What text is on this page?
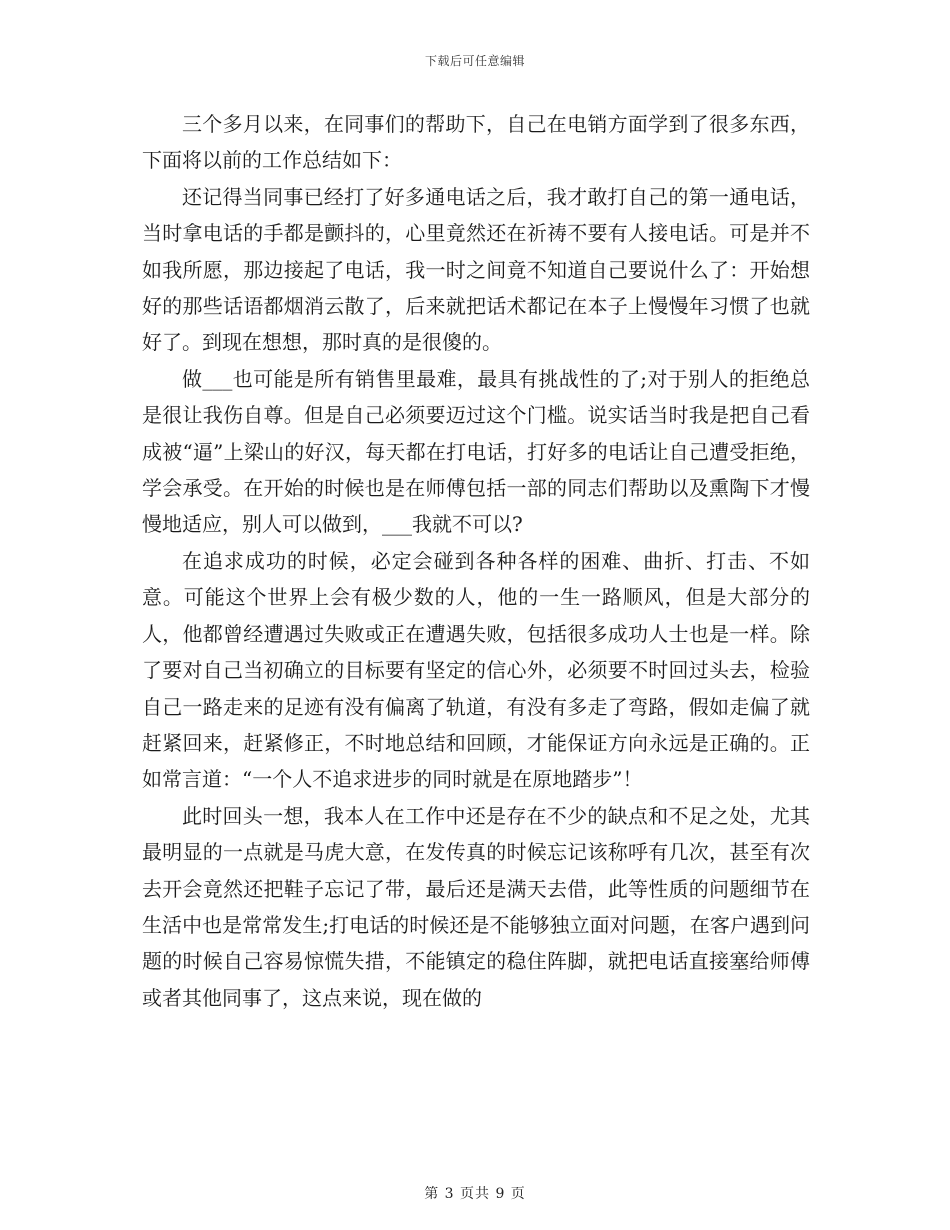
下载后可任意编辑

三个多月以来，在同事们的帮助下，自己在电销方面学到了很多东西，下面将以前的工作总结如下：

还记得当同事已经打了好多通电话之后，我才敢打自己的第一通电话，当时拿电话的手都是颤抖的，心里竟然还在祈祷不要有人接电话。可是并不如我所愿，那边接起了电话，我一时之间竟不知道自己要说什么了：开始想好的那些话语都烟消云散了，后来就把话术都记在本子上慢慢年习惯了也就好了。到现在想想，那时真的是很傻的。

做___也可能是所有销售里最难，最具有挑战性的了;对于别人的拒绝总是很让我伤自尊。但是自己必须要迈过这个门槛。说实话当时我是把自己看成被“逼”上梁山的好汉，每天都在打电话，打好多的电话让自己遭受拒绝，学会承受。在开始的时候也是在师傅包括一部的同志们帮助以及熏陶下才慢慢地适应，别人可以做到，___我就不可以?

在追求成功的时候，必定会碰到各种各样的困难、曲折、打击、不如意。可能这个世界上会有极少数的人，他的一生一路顺风，但是大部分的人，他都曾经遭遇过失败或正在遭遇失败，包括很多成功人士也是一样。除了要对自己当初确立的目标要有坚定的信心外，必须要不时回过头去，检验自己一路走来的足迹有没有偏离了轨道，有没有多走了弯路，假如走偏了就赶紧回来，赶紧修正，不时地总结和回顾，才能保证方向永远是正确的。正如常言道：“一个人不追求进步的同时就是在原地踏步”！

此时回头一想，我本人在工作中还是存在不少的缺点和不足之处，尤其最明显的一点就是马虎大意，在发传真的时候忘记该称呼有几次，甚至有次去开会竟然还把鞋子忘记了带，最后还是满天去借，此等性质的问题细节在生活中也是常常发生;打电话的时候还是不能够独立面对问题，在客户遇到问题的时候自己容易惊慌失措，不能镇定的稳住阵脚，就把电话直接塞给师傅或者其他同事了，这点来说，现在做的

第 3 页共 9 页
